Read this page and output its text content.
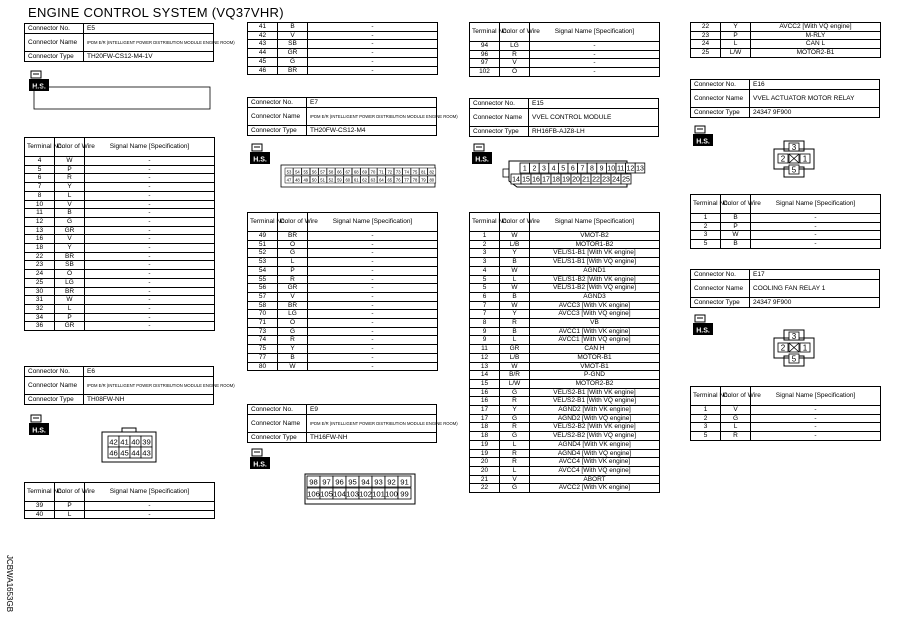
ENGINE CONTROL SYSTEM (VQ37VHR)
JCBWA1653GB
Connector No.	E5
Connector Name	IPDM E/R (INTELLIGENT POWER DISTRIBUTION MODULE ENGINE ROOM)
Connector Type	TH20FW-CS12-M4-1V
H.S.
Terminal No.	Color of Wire	Signal Name [Specification]
4	W	-
5	P	-
6	R	-
7	Y	-
8	L	-
10	V	-
11	B	-
12	G	-
13	GR	-
16	V	-
18	Y	-
22	BR	-
23	SB	-
24	O	-
25	LG	-
30	BR	-
31	W	-
32	L	-
34	P	-
36	GR	-
Connector No.	E6
Connector Name	IPDM E/R (INTELLIGENT POWER DISTRIBUTION MODULE ENGINE ROOM)
Connector Type	TH08FW-NH
H.S.
42 41 40 39
46 45 44 43
Terminal No.	Color of Wire	Signal Name [Specification]
39	P	-
40	L	-
41	B	-
42	V	-
43	SB	-
44	GR	-
45	G	-
46	BR	-
Connector No.	E7
Connector Name	IPDM E/R (INTELLIGENT POWER DISTRIBUTION MODULE ENGINE ROOM)
Connector Type	TH20FW-CS12-M4
H.S.
53 54 55 56 57 58 66 67 68 69 70 71 72 73 74 75 81 82
47 48 49 50 51 52 59 60 61 62 63 64 65 76 77 78 79 80
Terminal No.	Color of Wire	Signal Name [Specification]
49	BR	-
51	O	-
52	G	-
53	L	-
54	P	-
55	R	-
56	GR	-
57	V	-
58	BR	-
70	LG	-
71	O	-
73	G	-
74	R	-
75	Y	-
77	B	-
80	W	-
Connector No.	E9
Connector Name	IPDM E/R (INTELLIGENT POWER DISTRIBUTION MODULE ENGINE ROOM)
Connector Type	TH16FW-NH
H.S.
98 97 96 95 94 93 92 91
106 105 104 103 102 101 100 99
Terminal No.	Color of Wire	Signal Name [Specification]
94	LG	-
96	R	-
97	V	-
102	O	-
Connector No.	E15
Connector Name	VVEL CONTROL MODULE
Connector Type	RH16FB-AJZ8-LH
H.S.
1 2 3 4 5 6 7 8 9 10 11 12 13
14 15 16 17 18 19 20 21 22 23 24 25
Terminal No.	Color of Wire	Signal Name [Specification]
1	W	VMOT-B2
2	L/B	MOTOR1-B2
3	Y	VEL/S1-B1 [With VK engine]
3	B	VEL/S1-B1 [With VQ engine]
4	W	AGND1
5	L	VEL/S1-B2 [With VK engine]
5	W	VEL/S1-B2 [With VQ engine]
6	B	AGND3
7	W	AVCC3 [With VK engine]
7	Y	AVCC3 [With VQ engine]
8	R	VB
9	B	AVCC1 [With VK engine]
9	L	AVCC1 [With VQ engine]
11	GR	CAN H
12	L/B	MOTOR-B1
13	W	VMOT-B1
14	B/R	P-GND
15	L/W	MOTOR2-B2
16	G	VEL/S2-B1 [With VK engine]
16	R	VEL/S2-B1 [With VQ engine]
17	Y	AGND2 [With VK engine]
17	G	AGND2 [With VQ engine]
18	R	VEL/S2-B2 [With VK engine]
18	G	VEL/S2-B2 [With VQ engine]
19	L	AGND4 [With VK engine]
19	R	AGND4 [With VQ engine]
20	R	AVCC4 [With VK engine]
20	L	AVCC4 [With VQ engine]
21	V	ABORT
22	G	AVCC2 [With VK engine]
22	Y	AVCC2 [With VQ engine]
23	P	M-RLY
24	L	CAN L
25	L/W	MOTOR2-B1
Connector No.	E16
Connector Name	VVEL ACTUATOR MOTOR RELAY
Connector Type	24347 9F900
H.S.
3
2 1
5
Terminal No.	Color of Wire	Signal Name [Specification]
1	B	-
2	P	-
3	W	-
5	B	-
Connector No.	E17
Connector Name	COOLING FAN RELAY 1
Connector Type	24347 9F900
H.S.
3
2 1
5
Terminal No.	Color of Wire	Signal Name [Specification]
1	V	-
2	G	-
3	L	-
5	R	-
